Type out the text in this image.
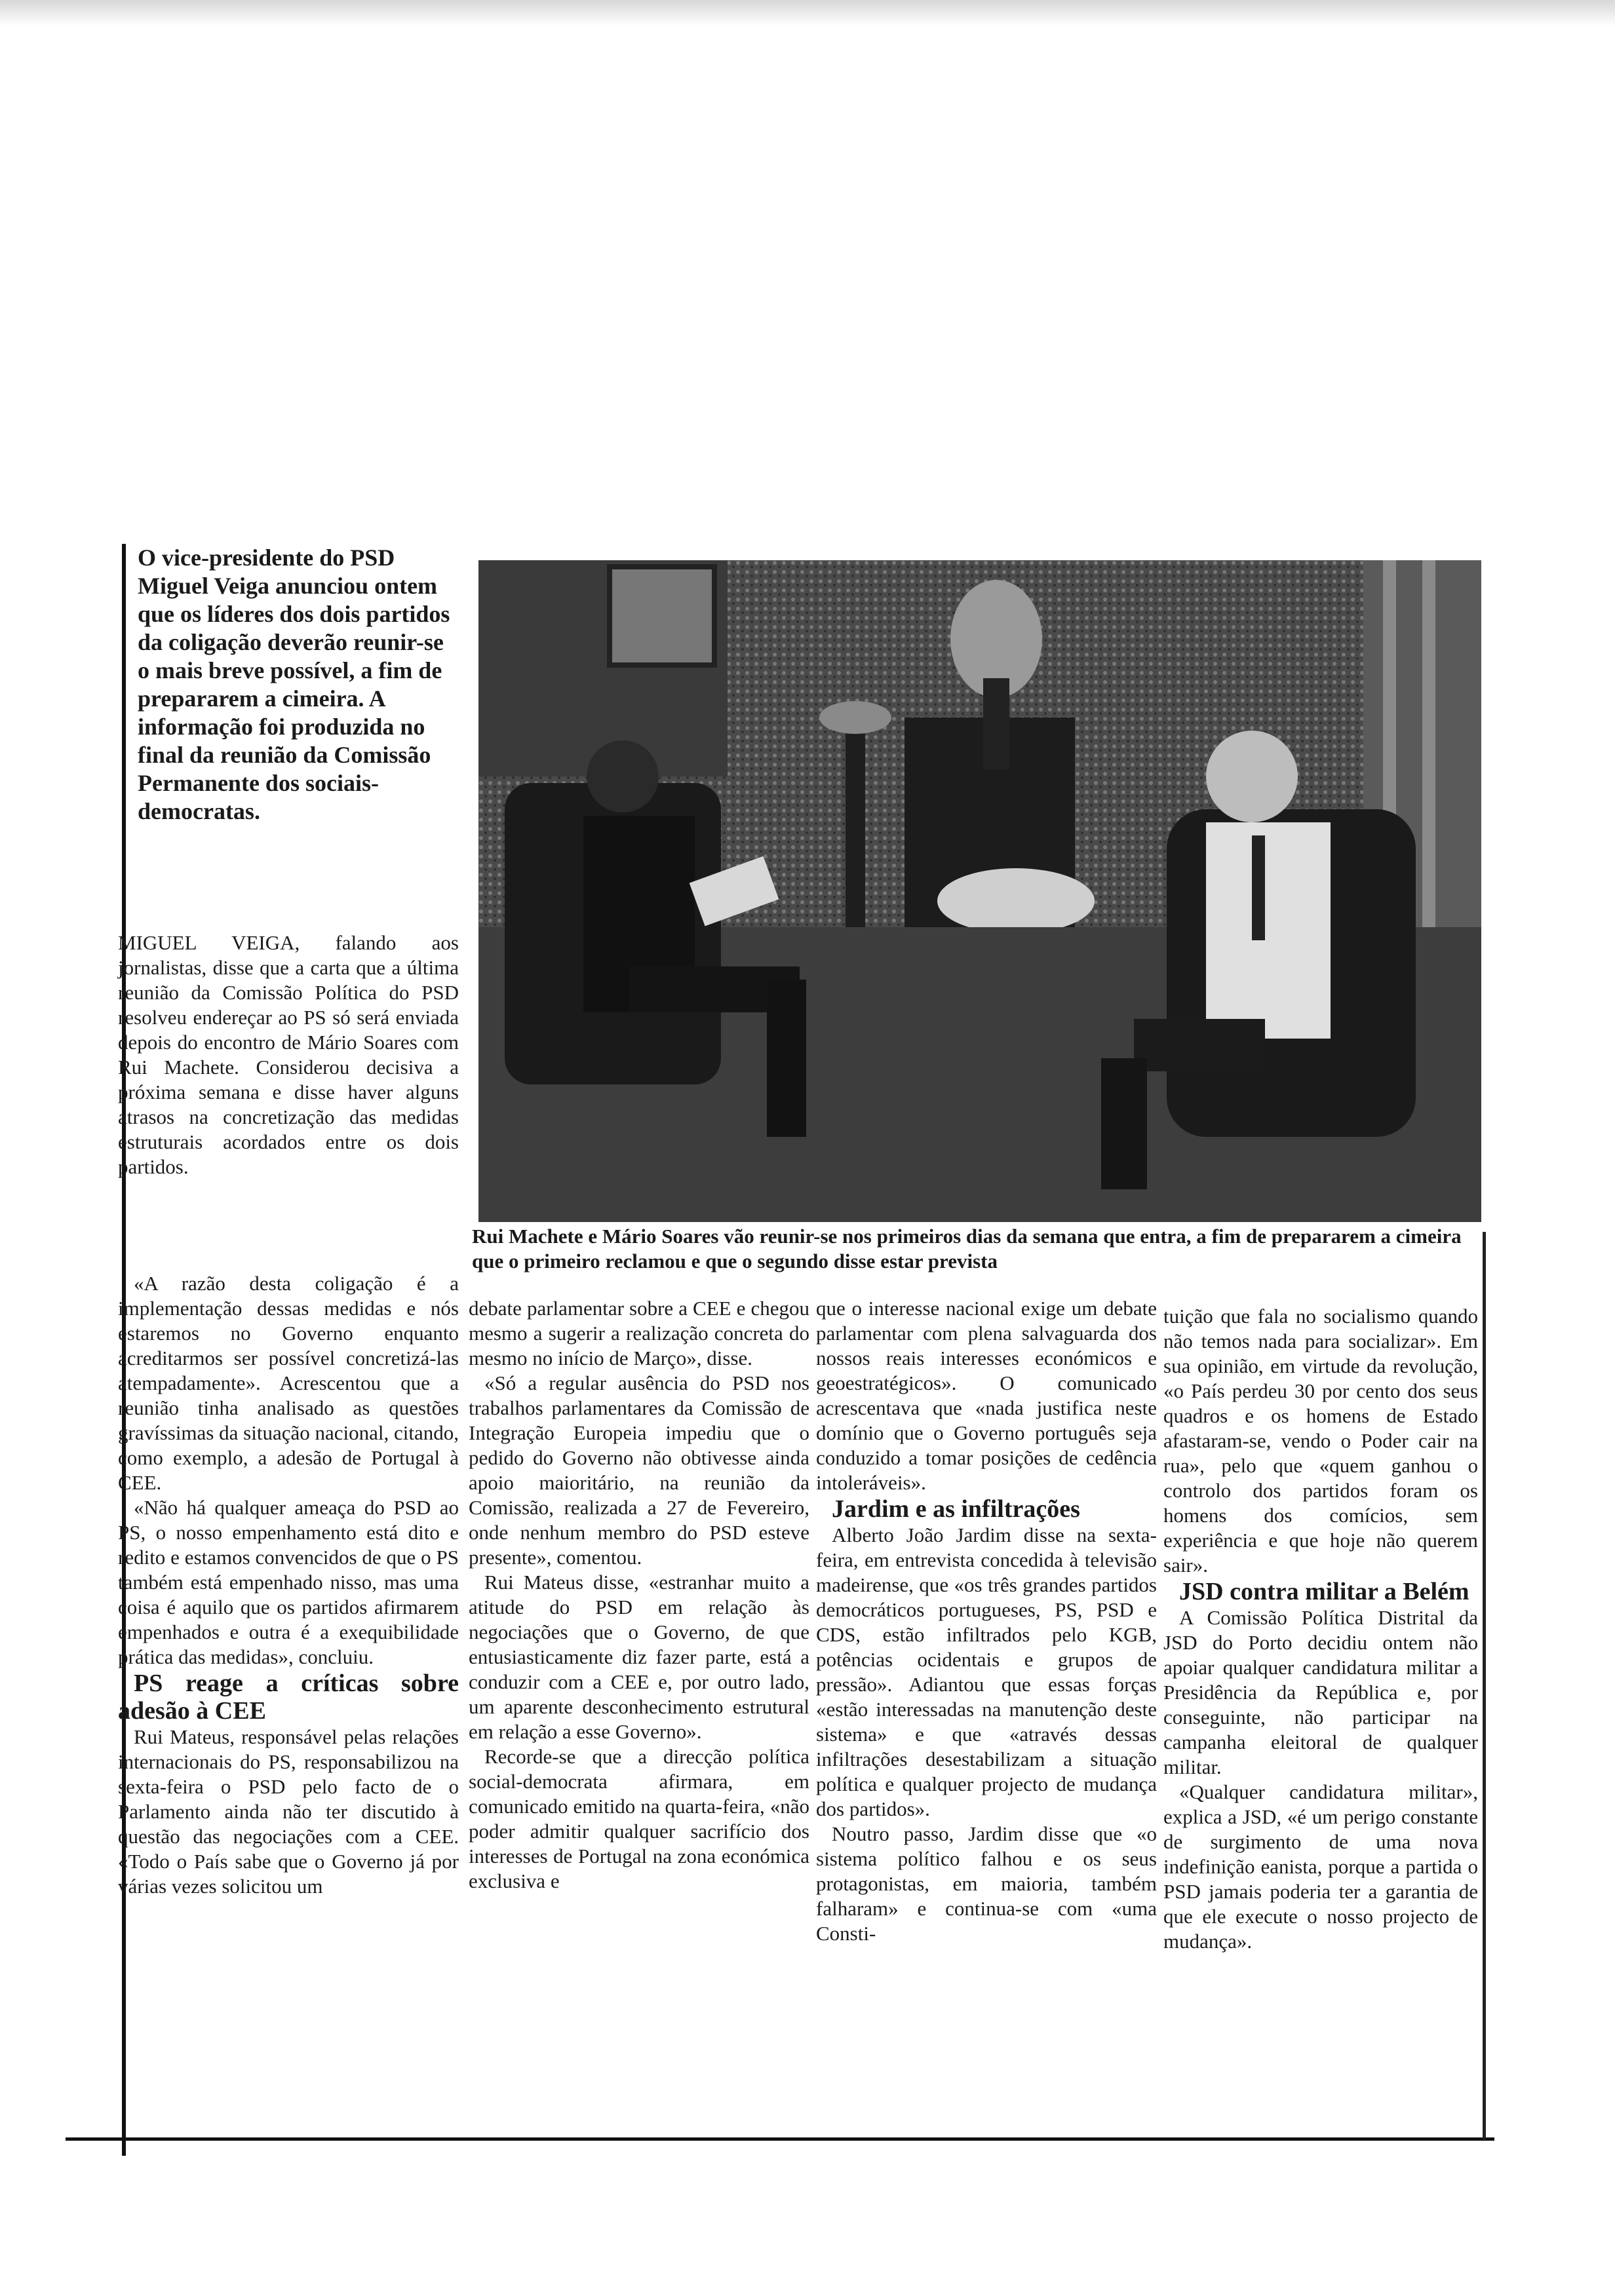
O vice-presidente do PSD Miguel Veiga anunciou ontem que os líderes dos dois partidos da coligação deverão reunir-se o mais breve possível, a fim de prepararem a cimeira. A informação foi produzida no final da reunião da Comissão Permanente dos sociais-democratas.

Rui Machete e Mário Soares vão reunir-se nos primeiros dias da semana que entra, a fim de prepararem a cimeira que o primeiro reclamou e que o segundo disse estar prevista

MIGUEL VEIGA, falando aos jornalistas, disse que a carta que a última reunião da Comissão Política do PSD resolveu endereçar ao PS só será enviada depois do encontro de Mário Soares com Rui Machete. Considerou decisiva a próxima semana e disse haver alguns atrasos na concretização das medidas estruturais acordados entre os dois partidos.

«A razão desta coligação é a implementação dessas medidas e nós estaremos no Governo enquanto acreditarmos ser possível concretizá-las atempadamente». Acrescentou que a reunião tinha analisado as questões gravíssimas da situação nacional, citando, como exemplo, a adesão de Portugal à CEE.

«Não há qualquer ameaça do PSD ao PS, o nosso empenhamento está dito e redito e estamos convencidos de que o PS também está empenhado nisso, mas uma coisa é aquilo que os partidos afirmarem empenhados e outra é a exequibilidade prática das medidas», concluiu.

PS reage a críticas sobre adesão à CEE

Rui Mateus, responsável pelas relações internacionais do PS, responsabilizou na sexta-feira o PSD pelo facto de o Parlamento ainda não ter discutido à questão das negociações com a CEE. «Todo o País sabe que o Governo já por várias vezes solicitou um

debate parlamentar sobre a CEE e chegou mesmo a sugerir a realização concreta do mesmo no início de Março», disse.

«Só a regular ausência do PSD nos trabalhos parlamentares da Comissão de Integração Europeia impediu que o pedido do Governo não obtivesse ainda apoio maioritário, na reunião da Comissão, realizada a 27 de Fevereiro, onde nenhum membro do PSD esteve presente», comentou.

Rui Mateus disse, «estranhar muito a atitude do PSD em relação às negociações que o Governo, de que entusiasticamente diz fazer parte, está a conduzir com a CEE e, por outro lado, um aparente desconhecimento estrutural em relação a esse Governo».

Recorde-se que a direcção política social-democrata afirmara, em comunicado emitido na quarta-feira, «não poder admitir qualquer sacrifício dos interesses de Portugal na zona económica exclusiva e

que o interesse nacional exige um debate parlamentar com plena salvaguarda dos nossos reais interesses económicos e geoestratégicos». O comunicado acrescentava que «nada justifica neste domínio que o Governo português seja conduzido a tomar posições de cedência intoleráveis».

Jardim e as infiltrações

Alberto João Jardim disse na sexta-feira, em entrevista concedida à televisão madeirense, que «os três grandes partidos democráticos portugueses, PS, PSD e CDS, estão infiltrados pelo KGB, potências ocidentais e grupos de pressão». Adiantou que essas forças «estão interessadas na manutenção deste sistema» e que «através dessas infiltrações desestabilizam a situação política e qualquer projecto de mudança dos partidos».

Noutro passo, Jardim disse que «o sistema político falhou e os seus protagonistas, em maioria, também falharam» e continua-se com «uma Consti-

tuição que fala no socialismo quando não temos nada para socializar». Em sua opinião, em virtude da revolução, «o País perdeu 30 por cento dos seus quadros e os homens de Estado afastaram-se, vendo o Poder cair na rua», pelo que «quem ganhou o controlo dos partidos foram os homens dos comícios, sem experiência e que hoje não querem sair».

JSD contra militar a Belém

A Comissão Política Distrital da JSD do Porto decidiu ontem não apoiar qualquer candidatura militar a Presidência da República e, por conseguinte, não participar na campanha eleitoral de qualquer militar.

«Qualquer candidatura militar», explica a JSD, «é um perigo constante de surgimento de uma nova indefinição eanista, porque a partida o PSD jamais poderia ter a garantia de que ele execute o nosso projecto de mudança».
